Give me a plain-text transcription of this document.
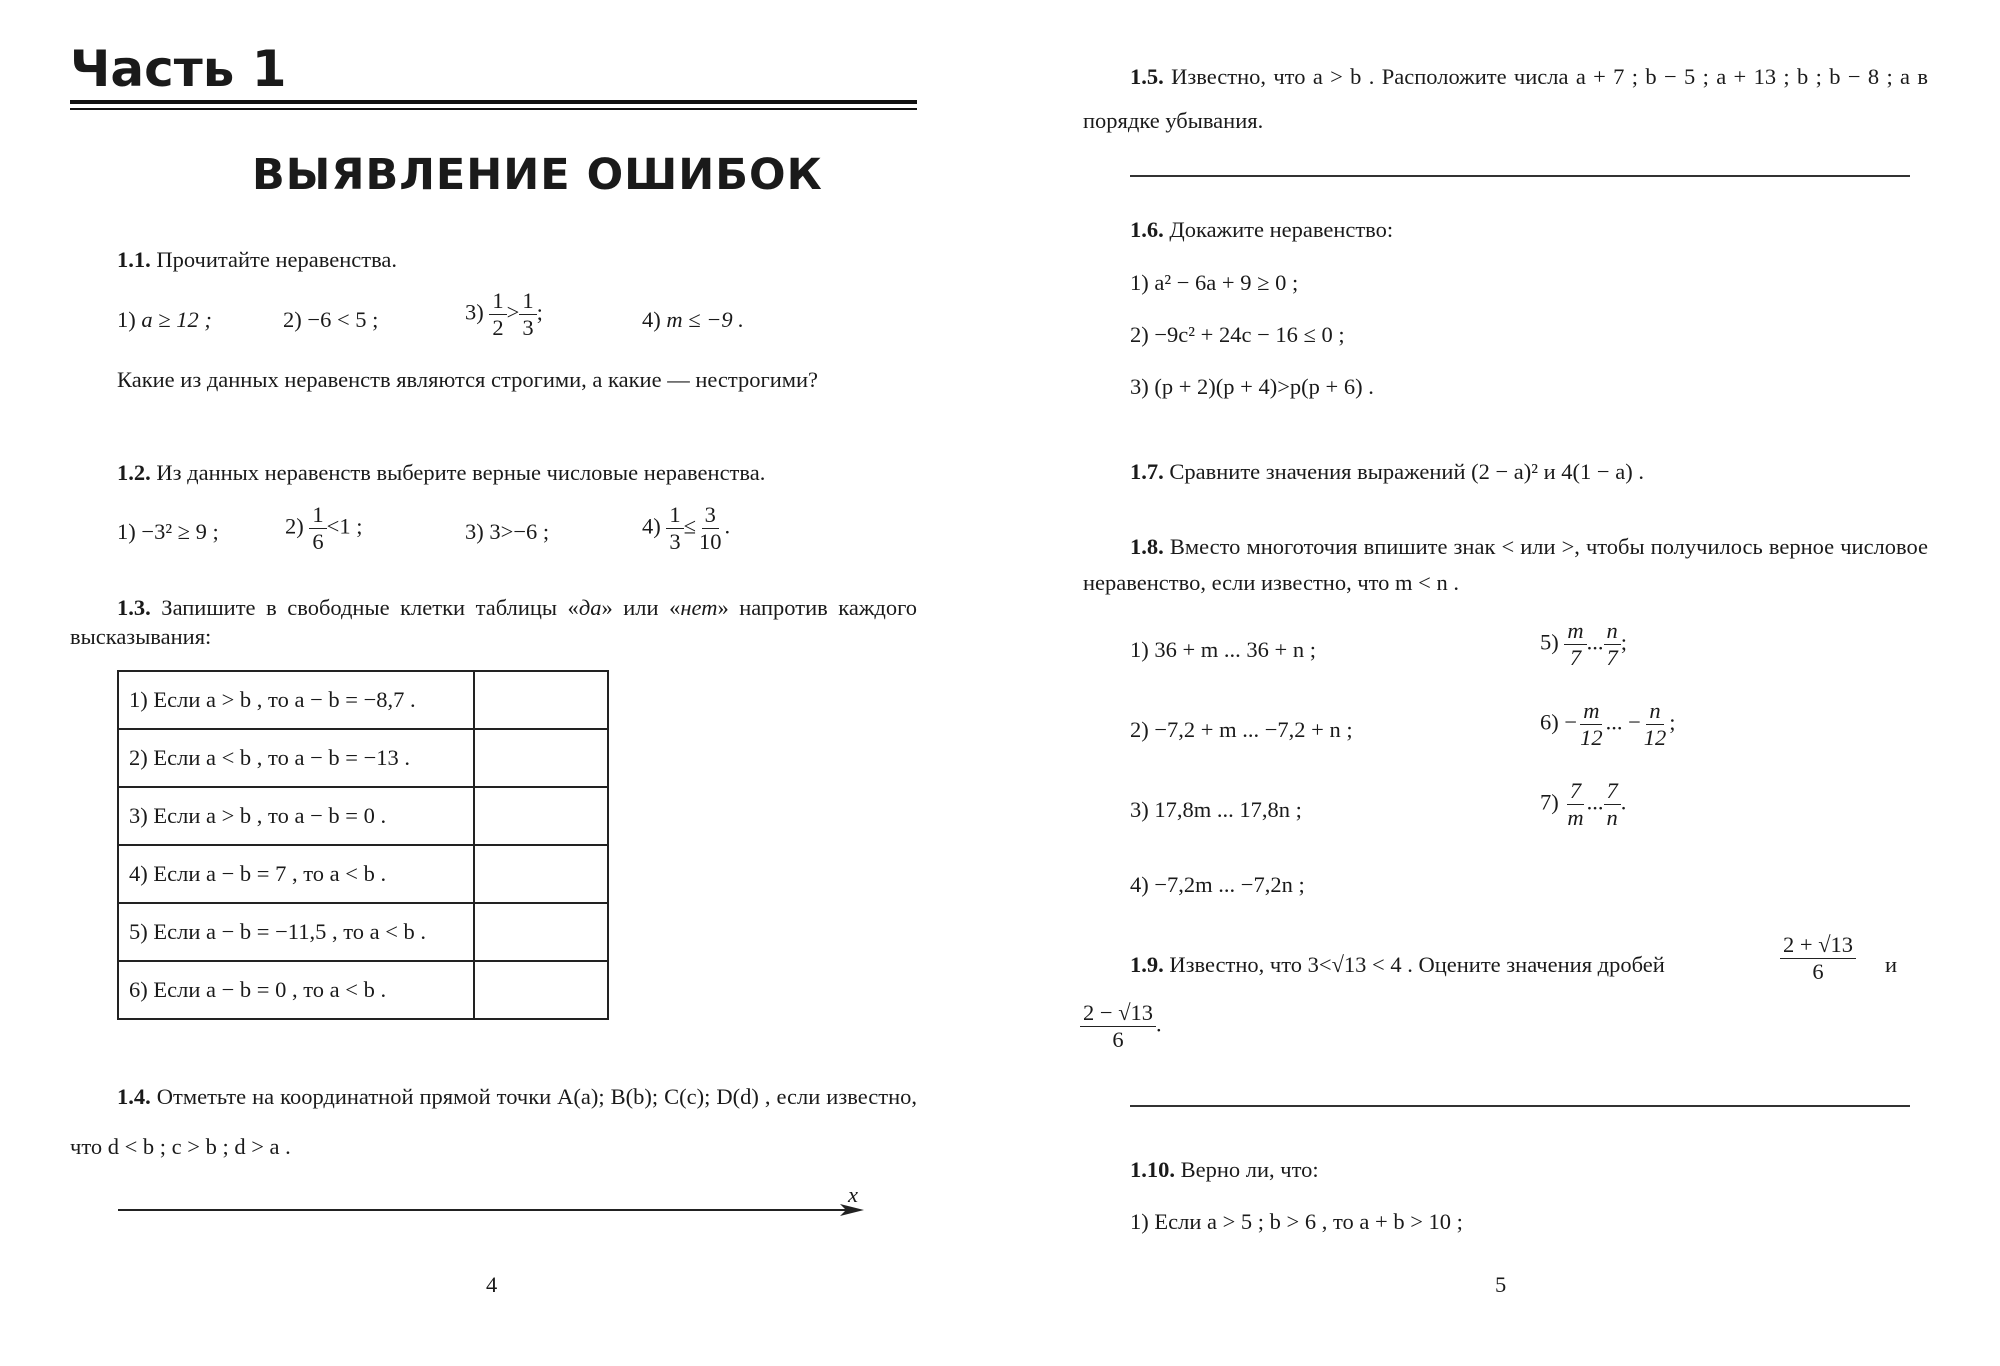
Часть 1
ВЫЯВЛЕНИЕ ОШИБОК
1.1. Прочитайте неравенства.
1) a ≥ 12 ;	2) −6 < 5 ;	$3) \frac{1}{2} > \frac{1}{3}$ ;	4) m ≤ −9 .
Какие из данных неравенств являются строгими, а какие — нестрогими?
1.2. Из данных неравенств выберите верные числовые неравенства.
1) −3² ≥ 9 ;	$2) \frac{1}{6} <1$ ;	3) 3>−6 ;	$4) \frac{1}{3} \le \frac{3}{10}$ .
1.3. Запишите в свободные клетки таблицы «да» или «нет» напротив каждого высказывания:
1) Если a > b , то a − b = −8,7 .	
2) Если a < b , то a − b = −13 .	
3) Если a > b , то a − b = 0 .	
4) Если a − b = 7 , то a < b .	
5) Если a − b = −11,5 , то a < b .	
6) Если a − b = 0 , то a < b .	
1.4. Отметьте на координатной прямой точки A(a); B(b); C(c); D(d) , если известно, что d < b ; c > b ; d > a .
x
4
1.5. Известно, что a > b . Расположите числа a + 7 ; b − 5 ; a + 13 ; b ; b − 8 ; a в порядке убывания.
1.6. Докажите неравенство:
1) a² − 6a + 9 ≥ 0 ;
2) −9c² + 24c − 16 ≤ 0 ;
3) (p + 2)(p + 4)>p(p + 6) .
1.7. Сравните значения выражений (2 − a)² и 4(1 − a) .
1.8. Вместо многоточия впишите знак < или >, чтобы получилось верное числовое неравенство, если известно, что m < n .
1) 36 + m ... 36 + n ;
2) −7,2 + m ... −7,2 + n ;
3) 17,8m ... 17,8n ;
4) −7,2m ... −7,2n ;
$5) \frac{m}{7}$ ... $\frac{n}{7}$ ;
$6) - \frac{m}{12}$ ... − $\frac{n}{12}$ ;
$7) \frac{7}{m}$ ... $\frac{7}{n}$ .
1.9. Известно, что 3<√13 < 4 . Оцените значения дробей	$\frac{2 + √13}{6}$ и
$\frac{2 - √13}{6}$ .
1.10. Верно ли, что:
1) Если a > 5 ; b > 6 , то a + b > 10 ;
5
